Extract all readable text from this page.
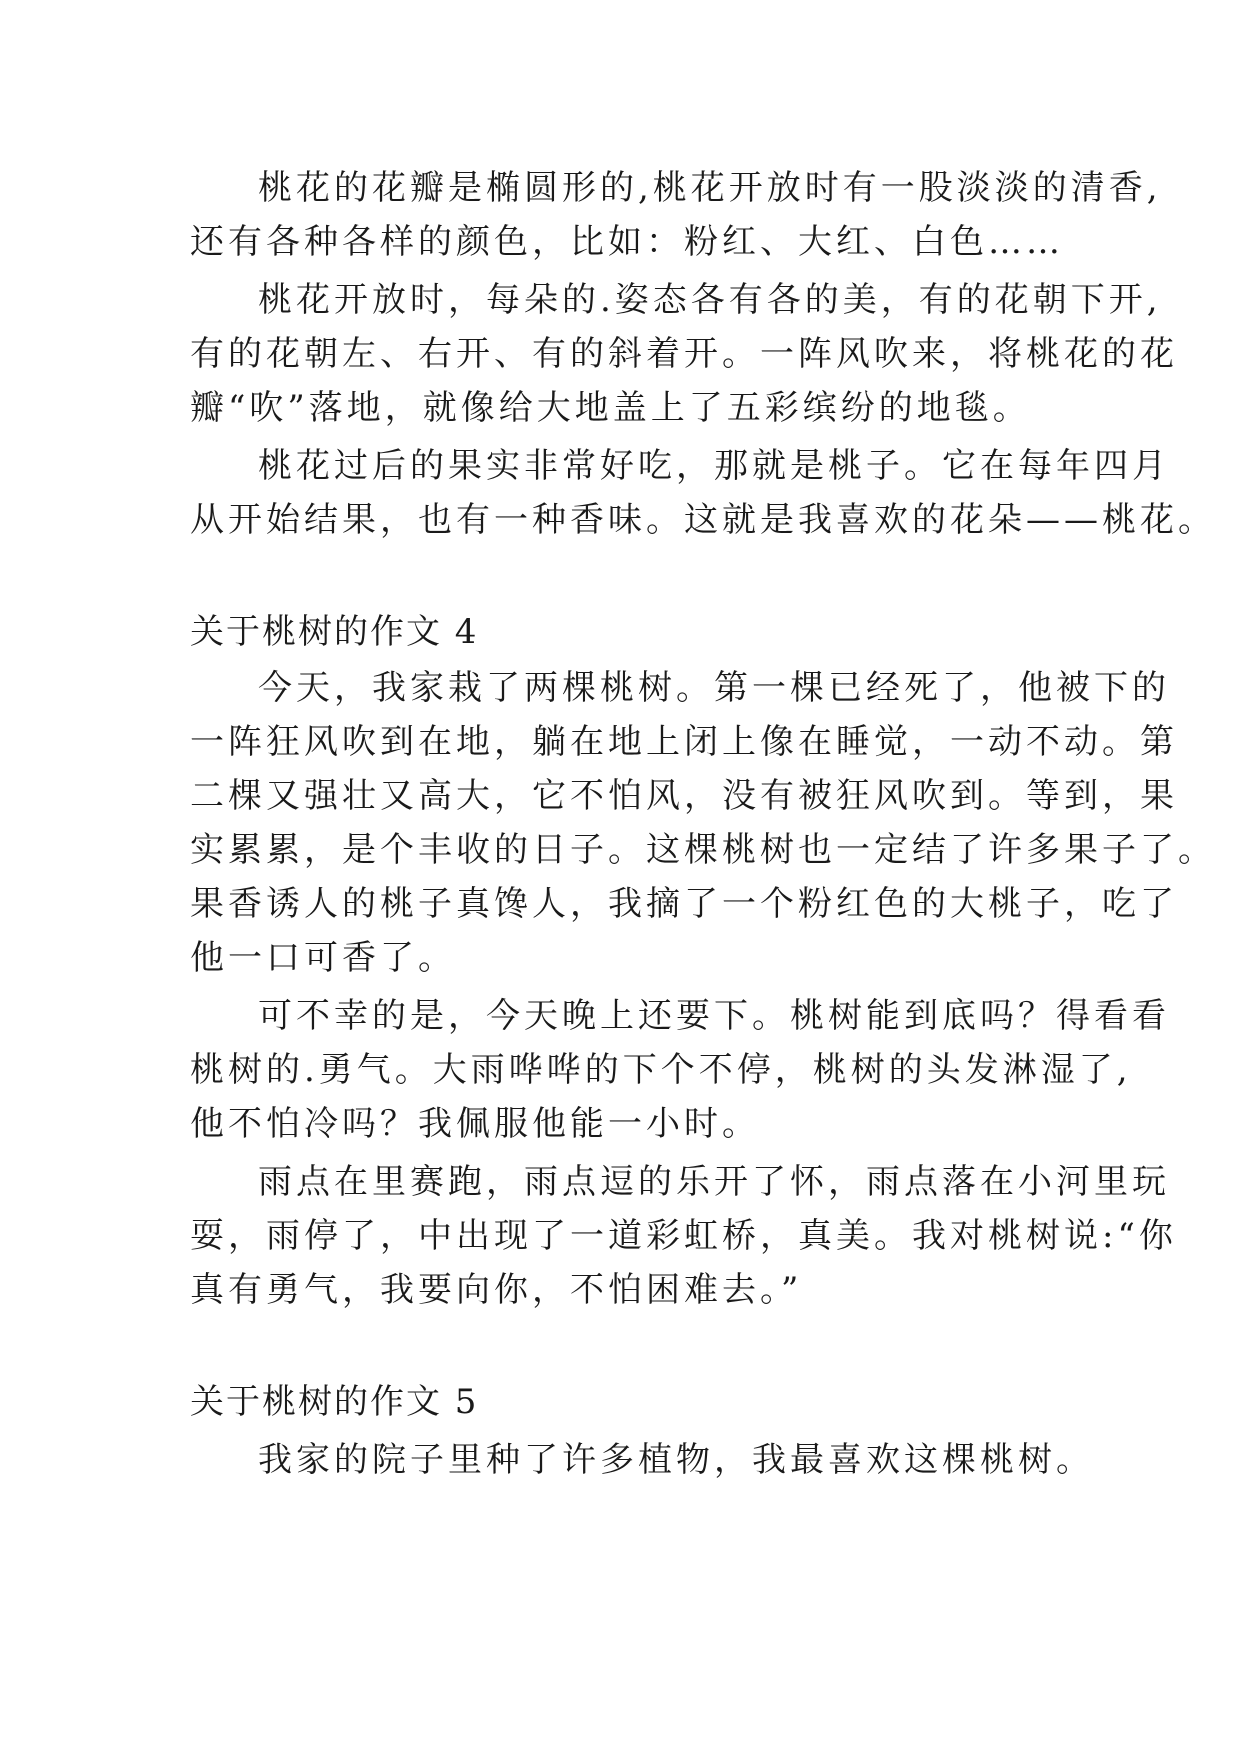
桃花的花瓣是椭圆形的,桃花开放时有一股淡淡的清香,
还有各种各样的颜色，比如：粉红、大红、白色……
桃花开放时，每朵的.姿态各有各的美，有的花朝下开,
有的花朝左、右开、有的斜着开。一阵风吹来，将桃花的花
瓣“吹”落地，就像给大地盖上了五彩缤纷的地毯。
桃花过后的果实非常好吃，那就是桃子。它在每年四月
从开始结果，也有一种香味。这就是我喜欢的花朵——桃花。
关于桃树的作文 4
今天，我家栽了两棵桃树。第一棵已经死了，他被下的
一阵狂风吹到在地，躺在地上闭上像在睡觉，一动不动。第
二棵又强壮又高大，它不怕风，没有被狂风吹到。等到，果
实累累，是个丰收的日子。这棵桃树也一定结了许多果子了。
果香诱人的桃子真馋人，我摘了一个粉红色的大桃子，吃了
他一口可香了。
可不幸的是，今天晚上还要下。桃树能到底吗？得看看
桃树的.勇气。大雨哗哗的下个不停，桃树的头发淋湿了,
他不怕冷吗？我佩服他能一小时。
雨点在里赛跑，雨点逗的乐开了怀，雨点落在小河里玩
耍，雨停了，中出现了一道彩虹桥，真美。我对桃树说:“你
真有勇气，我要向你，不怕困难去。”
关于桃树的作文 5
我家的院子里种了许多植物，我最喜欢这棵桃树。
